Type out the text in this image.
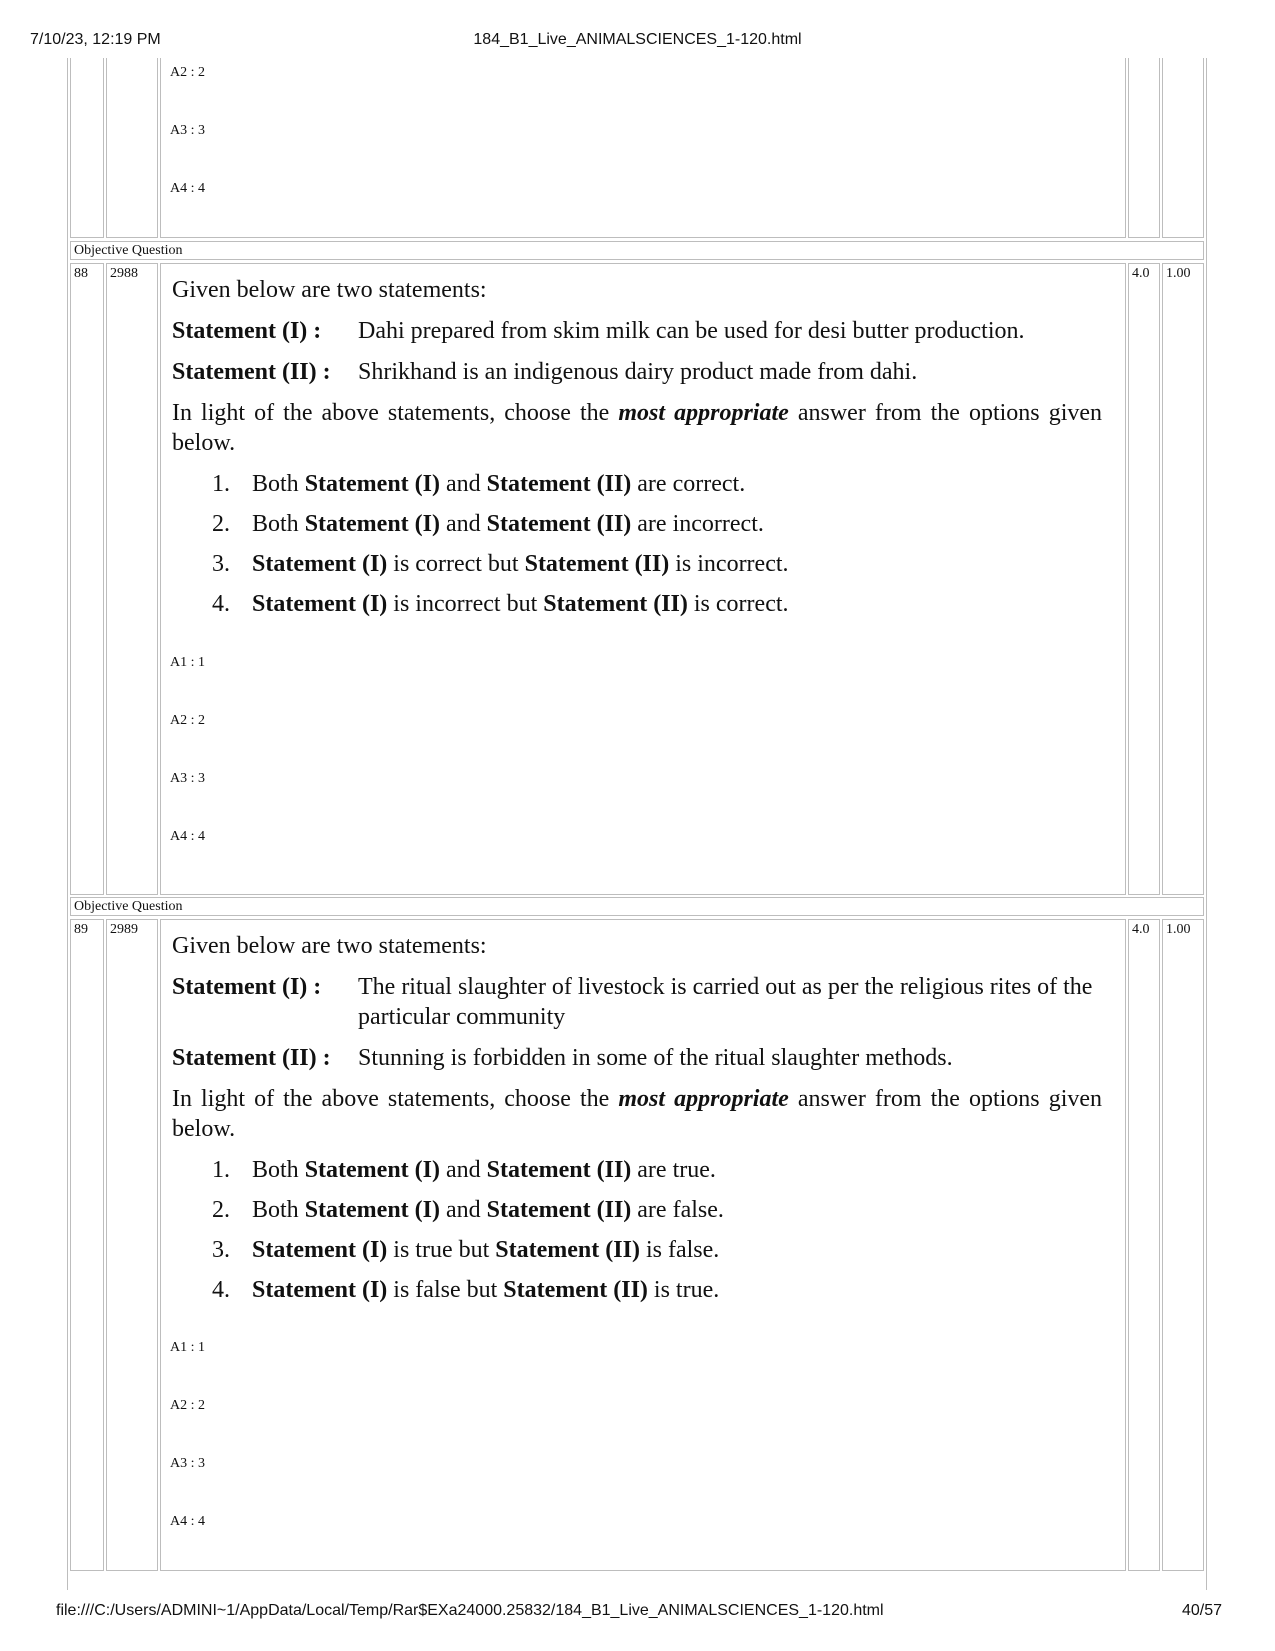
7/10/23, 12:19 PM	184_B1_Live_ANIMALSCIENCES_1-120.html
A2 : 2
A3 : 3
A4 : 4
Objective Question
88	2988	4.0	1.00

Given below are two statements:

Statement (I) : Dahi prepared from skim milk can be used for desi butter production.
Statement (II) : Shrikhand is an indigenous dairy product made from dahi.

In light of the above statements, choose the most appropriate answer from the options given below.

1. Both Statement (I) and Statement (II) are correct.
2. Both Statement (I) and Statement (II) are incorrect.
3. Statement (I) is correct but Statement (II) is incorrect.
4. Statement (I) is incorrect but Statement (II) is correct.
A1 : 1
A2 : 2
A3 : 3
A4 : 4
Objective Question
89	2989	4.0	1.00

Given below are two statements:

Statement (I) : The ritual slaughter of livestock is carried out as per the religious rites of the particular community
Statement (II) : Stunning is forbidden in some of the ritual slaughter methods.

In light of the above statements, choose the most appropriate answer from the options given below.

1. Both Statement (I) and Statement (II) are true.
2. Both Statement (I) and Statement (II) are false.
3. Statement (I) is true but Statement (II) is false.
4. Statement (I) is false but Statement (II) is true.
A1 : 1
A2 : 2
A3 : 3
A4 : 4
file:///C:/Users/ADMINI~1/AppData/Local/Temp/Rar$EXa24000.25832/184_B1_Live_ANIMALSCIENCES_1-120.html	40/57
